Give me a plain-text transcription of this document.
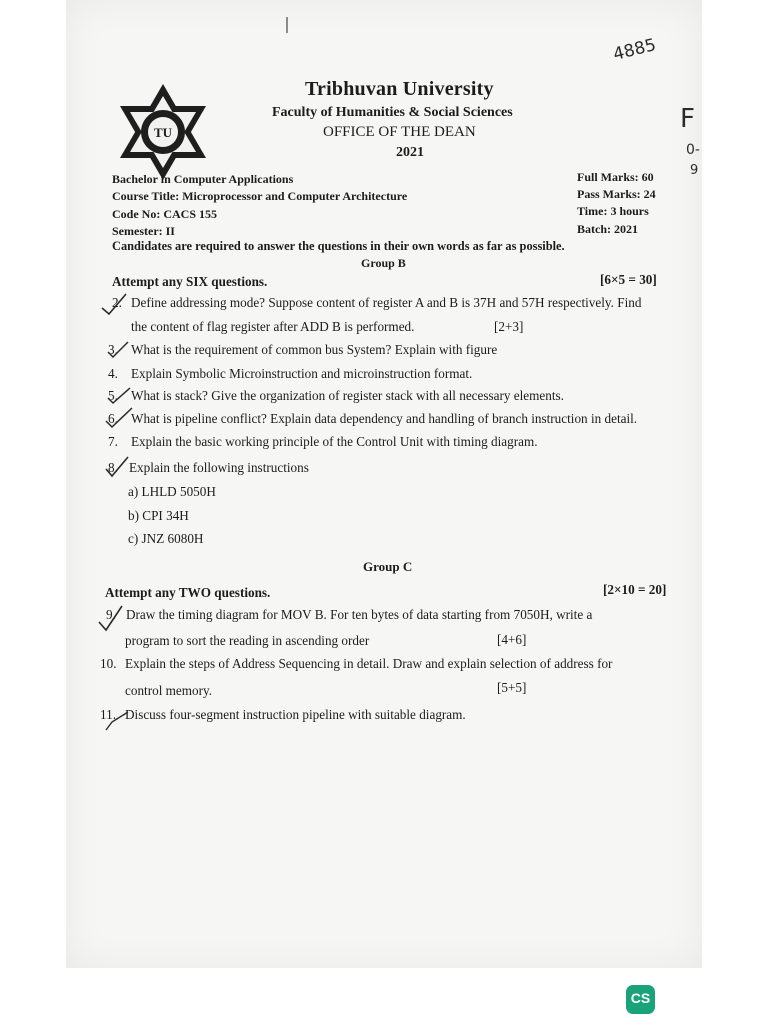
TU
Tribhuvan University
Faculty of Humanities & Social Sciences
OFFICE OF THE DEAN
2021
Bachelor in Computer Applications
Course Title: Microprocessor and Computer Architecture
Code No: CACS 155
Semester: II
Full Marks: 60
Pass Marks: 24
Time: 3 hours
Batch: 2021
Candidates are required to answer the questions in their own words as far as possible.
Group B
Attempt any SIX questions.	[6×5 = 30]
2. Define addressing mode? Suppose content of register A and B is 37H and 57H respectively. Find
the content of flag register after ADD B is performed.	[2+3]
3. What is the requirement of common bus System? Explain with figure
4. Explain Symbolic Microinstruction and microinstruction format.
5. What is stack? Give the organization of register stack with all necessary elements.
6. What is pipeline conflict? Explain data dependency and handling of branch instruction in detail.
7. Explain the basic working principle of the Control Unit with timing diagram.
8. Explain the following instructions
a) LHLD 5050H
b) CPI 34H
c) JNZ 6080H
Group C
Attempt any TWO questions.	[2×10 = 20]
9. Draw the timing diagram for MOV B. For ten bytes of data starting from 7050H, write a
program to sort the reading in ascending order	[4+6]
10. Explain the steps of Address Sequencing in detail. Draw and explain selection of address for
control memory.	[5+5]
11. Discuss four-segment instruction pipeline with suitable diagram.
4885
F
0-
9
CS
